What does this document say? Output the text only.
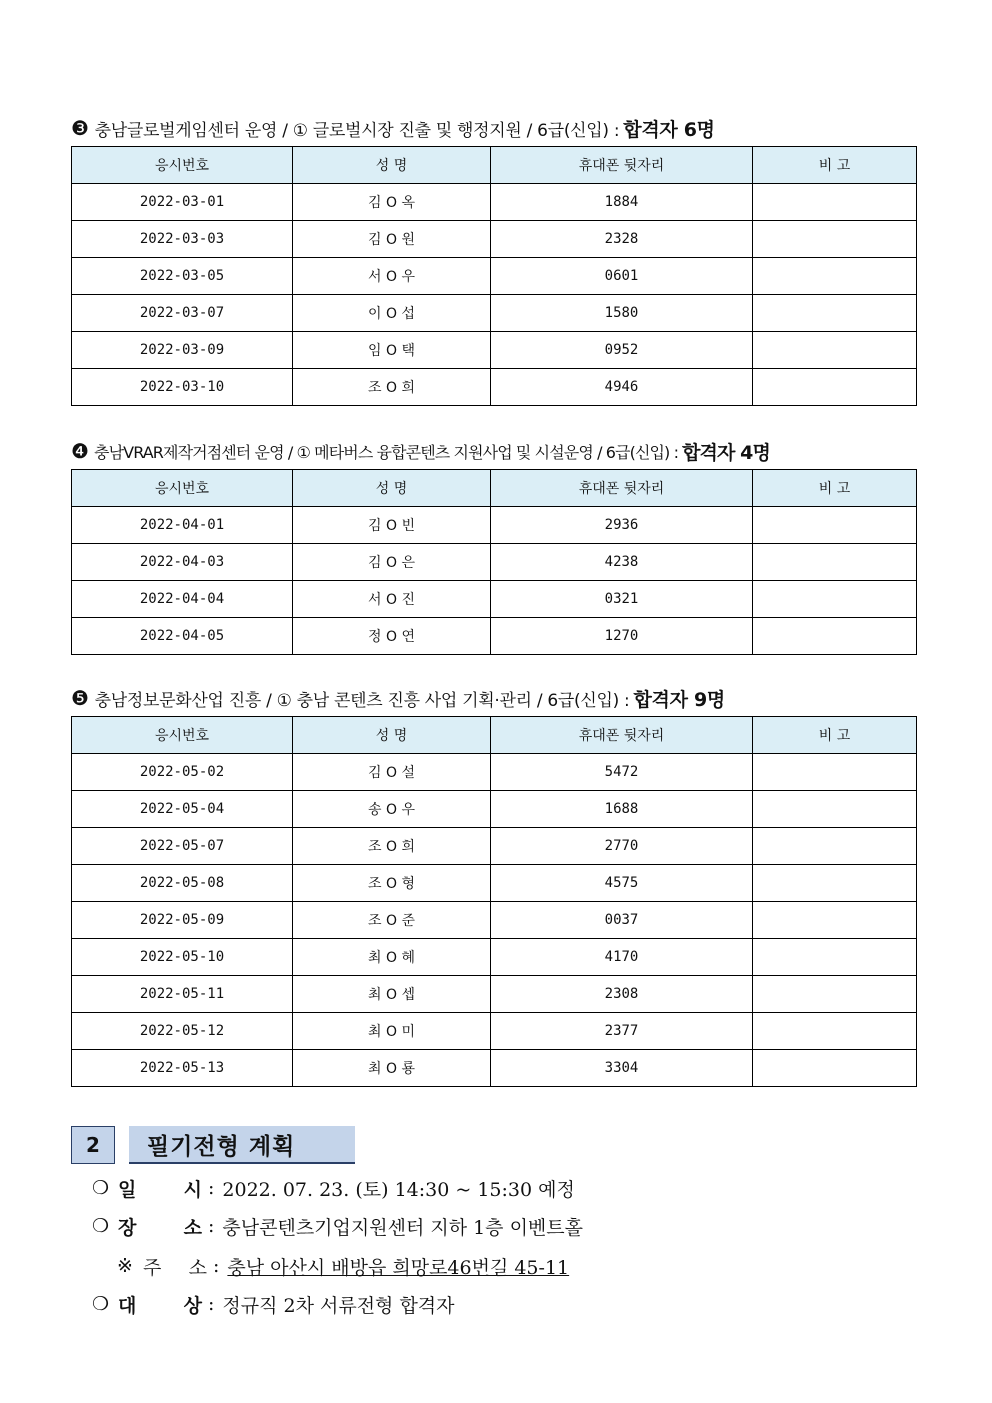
❸ 충남글로벌게임센터 운영 / ① 글로벌시장 진출 및 행정지원 / 6급(신입) : 합격자 6명
응시번호	성 명	휴대폰 뒷자리	비 고
2022-03-01	김 O 옥	1884	
2022-03-03	김 O 원	2328	
2022-03-05	서 O 우	0601	
2022-03-07	이 O 섭	1580	
2022-03-09	임 O 택	0952	
2022-03-10	조 O 희	4946	
❹ 충남VRAR제작거점센터 운영 / ① 메타버스 융합콘텐츠 지원사업 및 시설운영 / 6급(신입) : 합격자 4명
응시번호	성 명	휴대폰 뒷자리	비 고
2022-04-01	김 O 빈	2936	
2022-04-03	김 O 은	4238	
2022-04-04	서 O 진	0321	
2022-04-05	정 O 연	1270	
❺ 충남정보문화산업 진흥 / ① 충남 콘텐츠 진흥 사업 기획·관리 / 6급(신입) : 합격자 9명
응시번호	성 명	휴대폰 뒷자리	비 고
2022-05-02	김 O 설	5472	
2022-05-04	송 O 우	1688	
2022-05-07	조 O 희	2770	
2022-05-08	조 O 형	4575	
2022-05-09	조 O 준	0037	
2022-05-10	최 O 혜	4170	
2022-05-11	최 O 셉	2308	
2022-05-12	최 O 미	2377	
2022-05-13	최 O 룡	3304	
2	필기전형 계획
❍ 일 시 : 2022. 07. 23. (토) 14:30 ~ 15:30 예정
❍ 장 소 : 충남콘텐츠기업지원센터 지하 1층 이벤트홀
※ 주 소 : 충남 아산시 배방읍 희망로46번길 45-11
❍ 대 상 : 정규직 2차 서류전형 합격자
